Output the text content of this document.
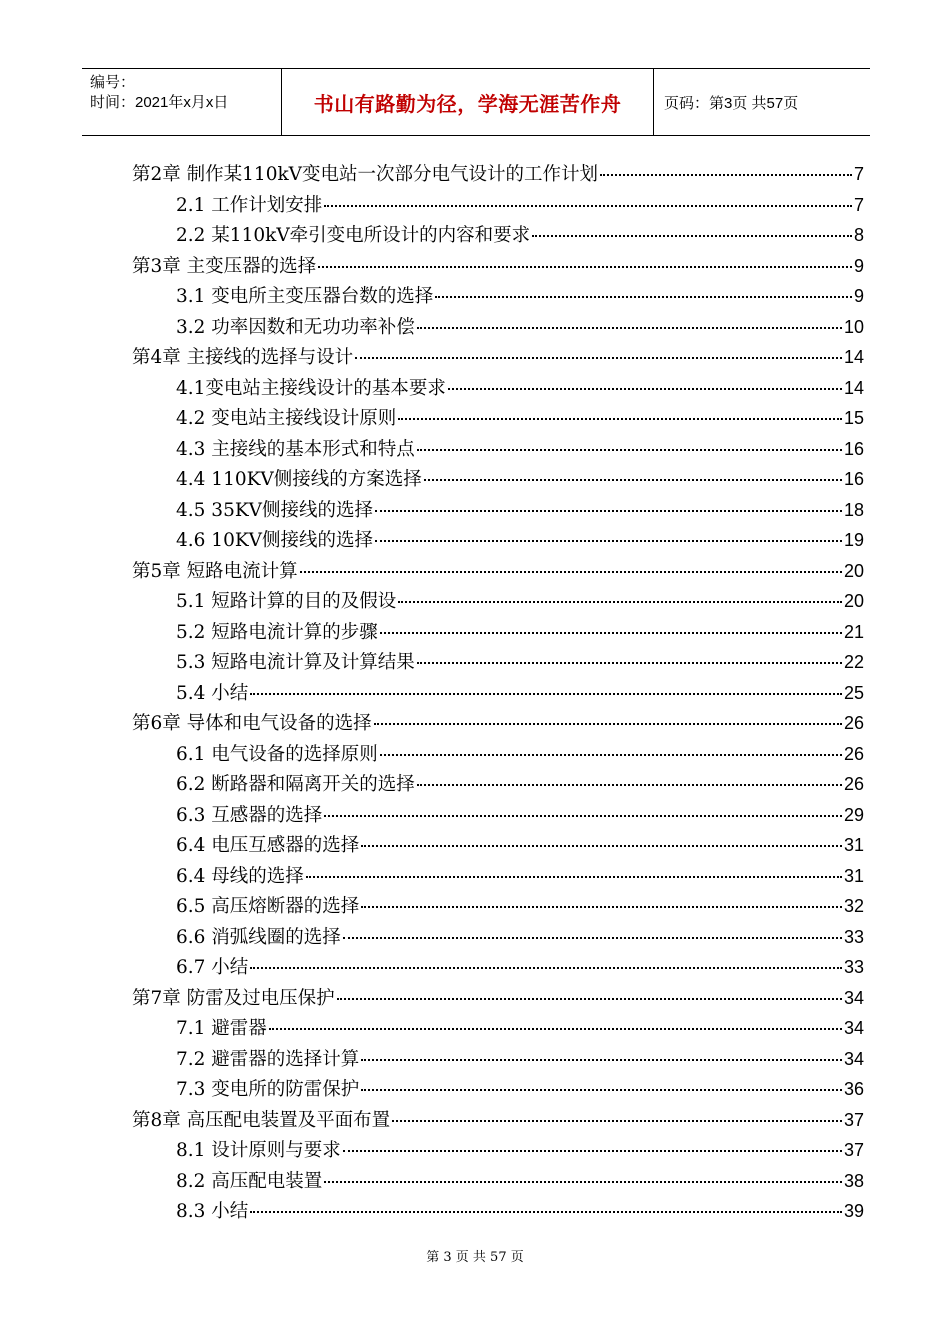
编号：
时间：2021年x月x日	书山有路勤为径，学海无涯苦作舟	页码：第3页 共57页
第2章 制作某110kV变电站一次部分电气设计的工作计划	7
2.1 工作计划安排	7
2.2 某110kV牵引变电所设计的内容和要求	8
第3章 主变压器的选择	9
3.1 变电所主变压器台数的选择	9
3.2 功率因数和无功功率补偿	10
第4章 主接线的选择与设计	14
4.1变电站主接线设计的基本要求	14
4.2 变电站主接线设计原则	15
4.3 主接线的基本形式和特点	16
4.4 110KV侧接线的方案选择	16
4.5 35KV侧接线的选择	18
4.6 10KV侧接线的选择	19
第5章 短路电流计算	20
5.1 短路计算的目的及假设	20
5.2 短路电流计算的步骤	21
5.3 短路电流计算及计算结果	22
5.4 小结	25
第6章 导体和电气设备的选择	26
6.1 电气设备的选择原则	26
6.2 断路器和隔离开关的选择	26
6.3 互感器的选择	29
6.4 电压互感器的选择	31
6.4 母线的选择	31
6.5 高压熔断器的选择	32
6.6 消弧线圈的选择	33
6.7 小结	33
第7章 防雷及过电压保护	34
7.1 避雷器	34
7.2 避雷器的选择计算	34
7.3 变电所的防雷保护	36
第8章 高压配电装置及平面布置	37
8.1 设计原则与要求	37
8.2 高压配电装置	38
8.3 小结	39
第 3 页 共 57 页
